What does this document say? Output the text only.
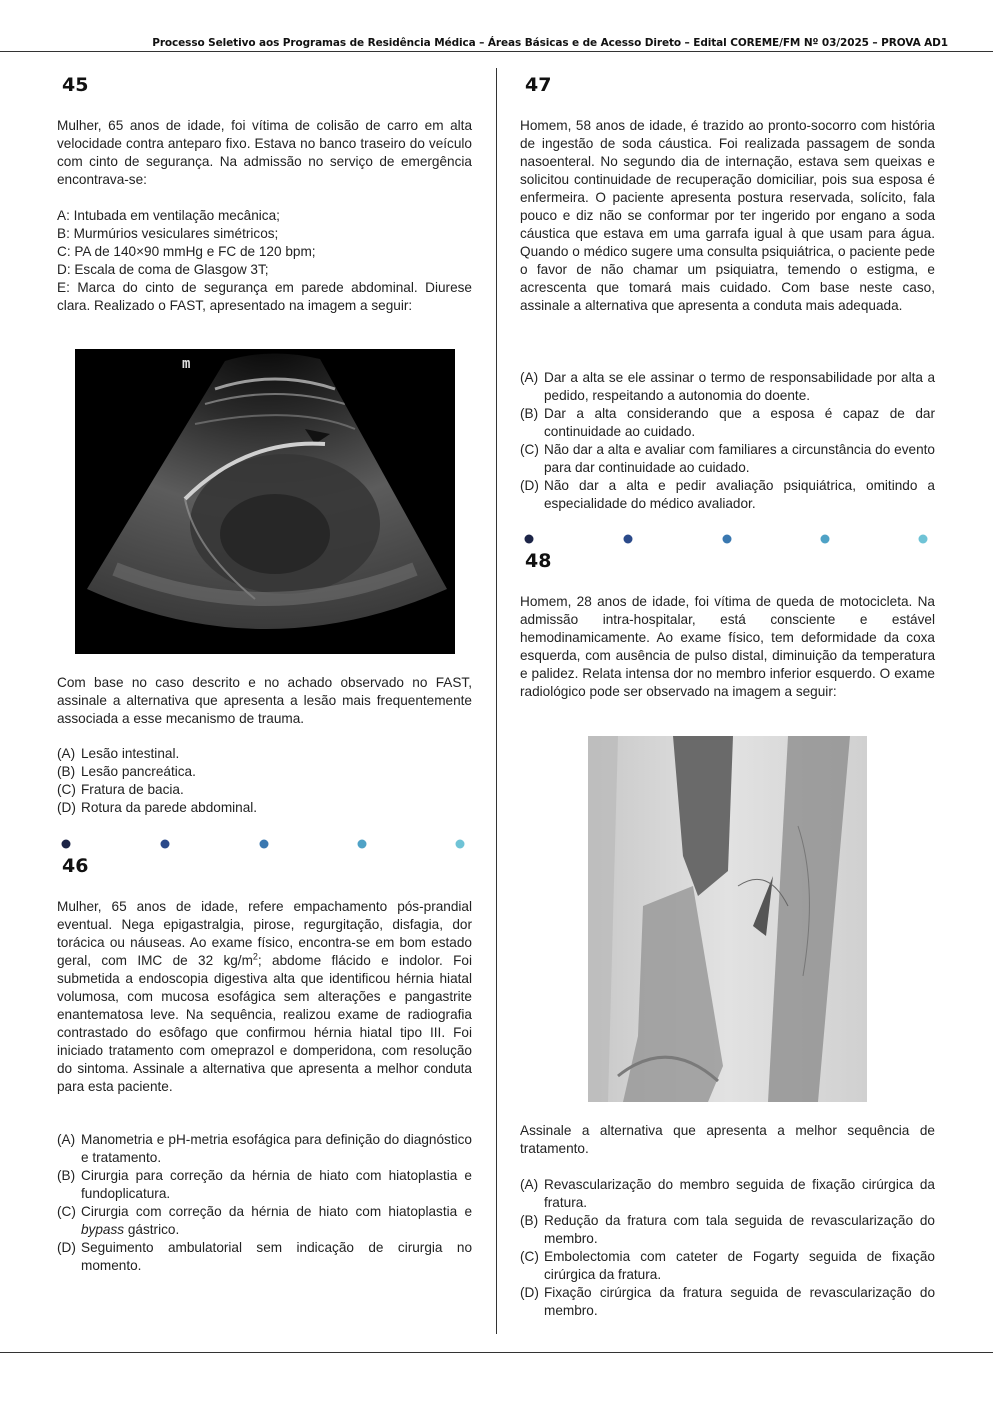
Processo Seletivo aos Programas de Residência Médica – Áreas Básicas e de Acesso Direto – Edital COREME/FM Nº 03/2025 – PROVA AD1
45
Mulher, 65 anos de idade, foi vítima de colisão de carro em alta velocidade contra anteparo fixo. Estava no banco traseiro do veículo com cinto de segurança. Na admissão no serviço de emergência encontrava-se:
A: Intubada em ventilação mecânica;
B: Murmúrios vesiculares simétricos;
C: PA de 140×90 mmHg e FC de 120 bpm;
D: Escala de coma de Glasgow 3T;
E: Marca do cinto de segurança em parede abdominal. Diurese clara. Realizado o FAST, apresentado na imagem a seguir:
m
Com base no caso descrito e no achado observado no FAST, assinale a alternativa que apresenta a lesão mais frequentemente associada a esse mecanismo de trauma.
(A) Lesão intestinal.
(B) Lesão pancreática.
(C) Fratura de bacia.
(D) Rotura da parede abdominal.
46
Mulher, 65 anos de idade, refere empachamento pós-prandial eventual. Nega epigastralgia, pirose, regurgitação, disfagia, dor torácica ou náuseas. Ao exame físico, encontra-se em bom estado geral, com IMC de 32 $kg/m^2$; abdome flácido e indolor. Foi submetida a endoscopia digestiva alta que identificou hérnia hiatal volumosa, com mucosa esofágica sem alterações e pangastrite enantematosa leve. Na sequência, realizou exame de radiografia contrastado do esôfago que confirmou hérnia hiatal tipo III. Foi iniciado tratamento com omeprazol e domperidona, com resolução do sintoma. Assinale a alternativa que apresenta a melhor conduta para esta paciente.
(A) Manometria e pH-metria esofágica para definição do diagnóstico e tratamento.
(B) Cirurgia para correção da hérnia de hiato com hiatoplastia e fundoplicatura.
(C) Cirurgia com correção da hérnia de hiato com hiatoplastia e bypass gástrico.
(D) Seguimento ambulatorial sem indicação de cirurgia no momento.
47
Homem, 58 anos de idade, é trazido ao pronto-socorro com história de ingestão de soda cáustica. Foi realizada passagem de sonda nasoenteral. No segundo dia de internação, estava sem queixas e solicitou continuidade de recuperação domiciliar, pois sua esposa é enfermeira. O paciente apresenta postura reservada, solícito, fala pouco e diz não se conformar por ter ingerido por engano a soda cáustica que estava em uma garrafa igual à que usam para água. Quando o médico sugere uma consulta psiquiátrica, o paciente pede o favor de não chamar um psiquiatra, temendo o estigma, e acrescenta que tomará mais cuidado. Com base neste caso, assinale a alternativa que apresenta a conduta mais adequada.
(A) Dar a alta se ele assinar o termo de responsabilidade por alta a pedido, respeitando a autonomia do doente.
(B) Dar a alta considerando que a esposa é capaz de dar continuidade ao cuidado.
(C) Não dar a alta e avaliar com familiares a circunstância do evento para dar continuidade ao cuidado.
(D) Não dar a alta e pedir avaliação psiquiátrica, omitindo a especialidade do médico avaliador.
48
Homem, 28 anos de idade, foi vítima de queda de motocicleta. Na admissão intra-hospitalar, está consciente e estável hemodinamicamente. Ao exame físico, tem deformidade da coxa esquerda, com ausência de pulso distal, diminuição da temperatura e palidez. Relata intensa dor no membro inferior esquerdo. O exame radiológico pode ser observado na imagem a seguir:
Assinale a alternativa que apresenta a melhor sequência de tratamento.
(A) Revascularização do membro seguida de fixação cirúrgica da fratura.
(B) Redução da fratura com tala seguida de revascularização do membro.
(C) Embolectomia com cateter de Fogarty seguida de fixação cirúrgica da fratura.
(D) Fixação cirúrgica da fratura seguida de revascularização do membro.
